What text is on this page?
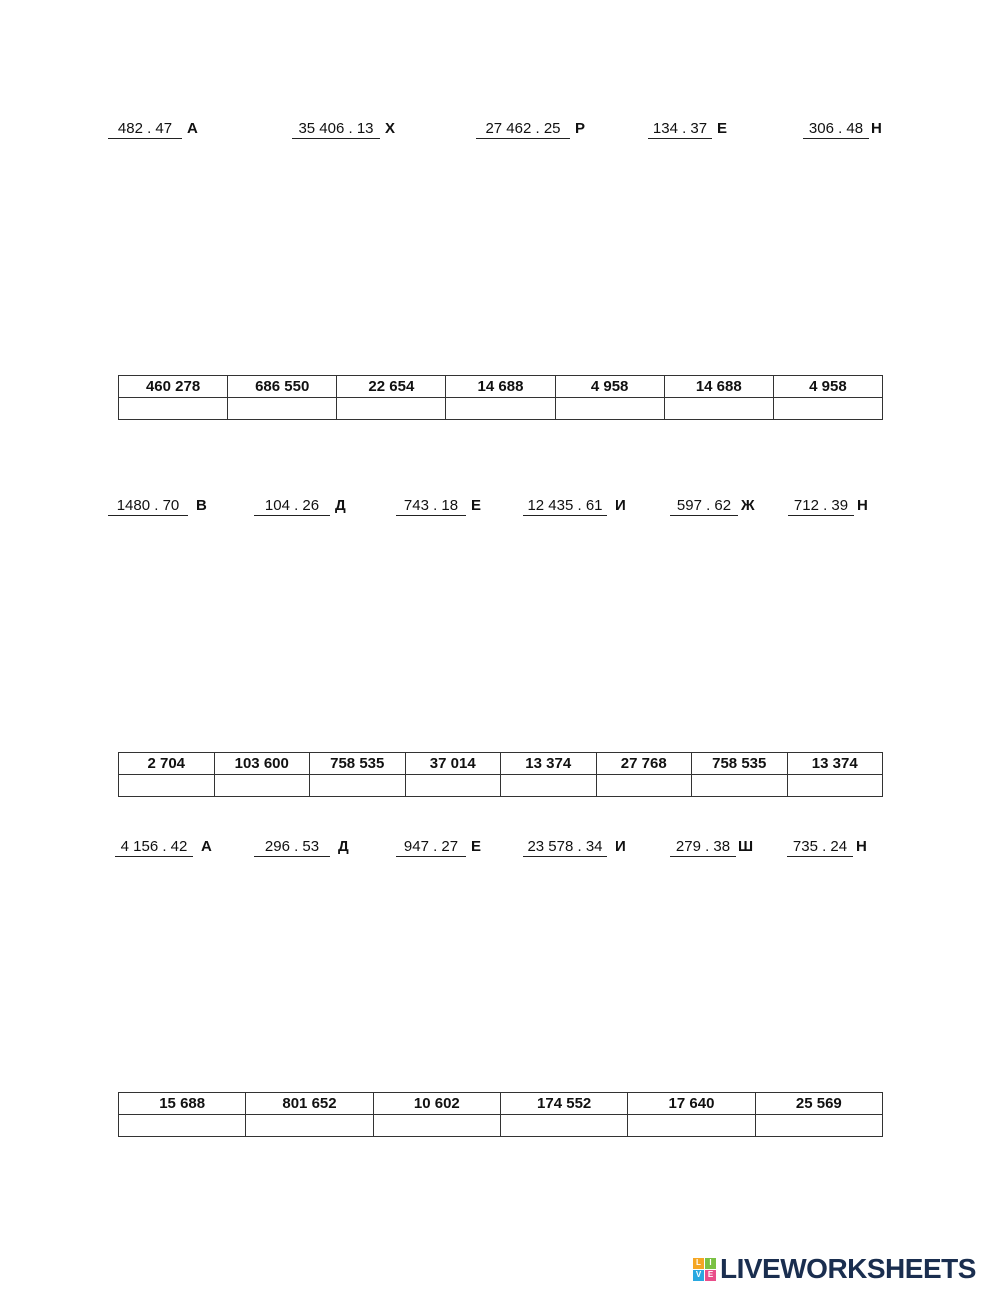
482 . 47 А	35 406 . 13 Х	27 462 . 25 Р	134 . 37 Е	306 . 48 Н
460 278	686 550	22 654	14 688	4 958	14 688	4 958

1480 . 70 В	104 . 26 Д	743 . 18 Е	12 435 . 61 И	597 . 62 Ж	712 . 39 Н
2 704	103 600	758 535	37 014	13 374	27 768	758 535	13 374

4 156 . 42 А	296 . 53 Д	947 . 27 Е	23 578 . 34 И	279 . 38 Ш	735 . 24 Н
15 688	801 652	10 602	174 552	17 640	25 569

L	I
V E LIVEWORKSHEETS
